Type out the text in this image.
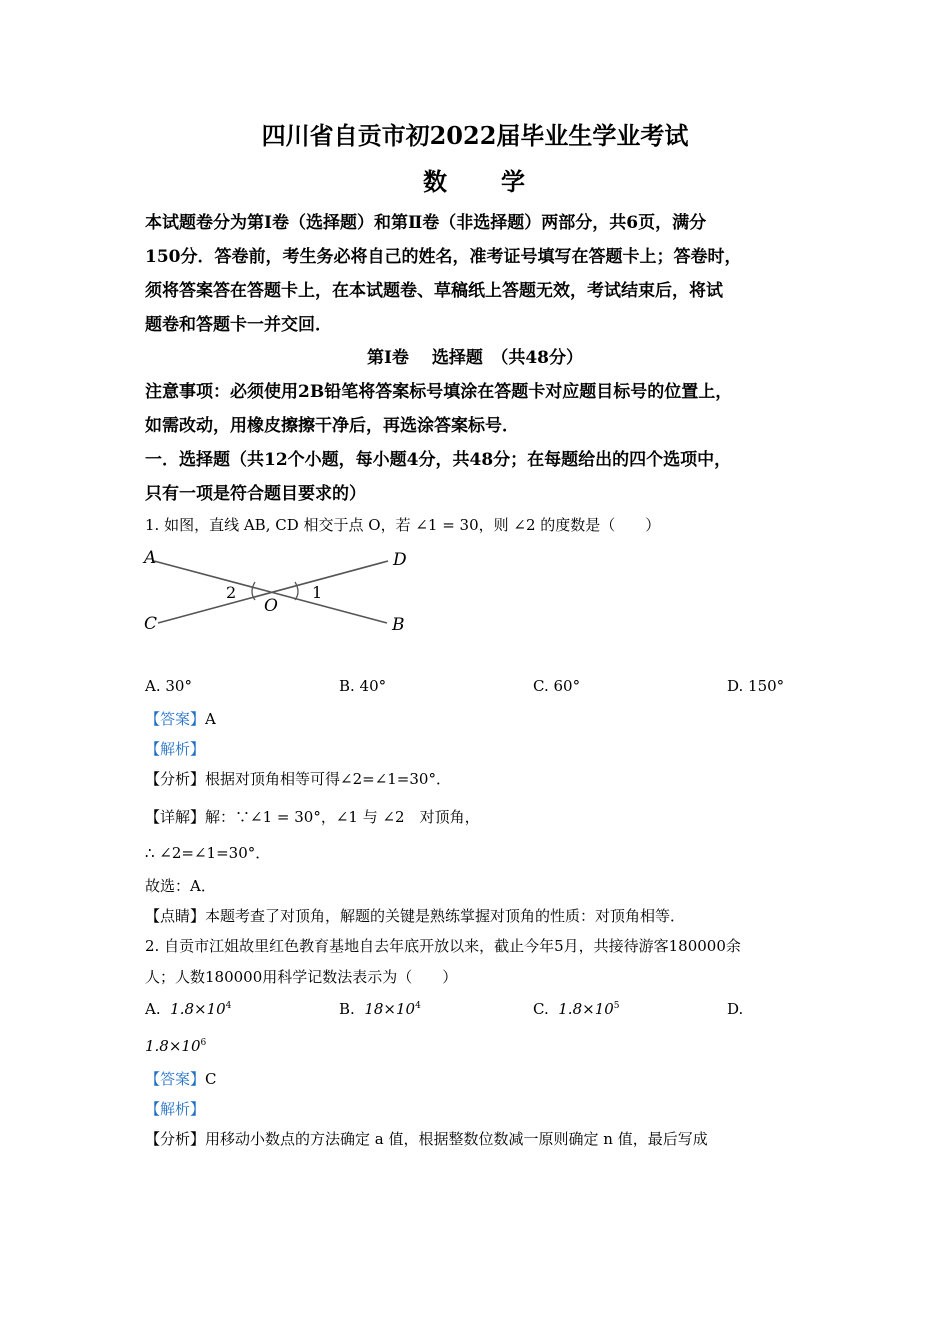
四川省自贡市初2022届毕业生学业考试
数　　学
本试题卷分为第Ⅰ卷（选择题）和第Ⅱ卷（非选择题）两部分，共6页，满分
150分．答卷前，考生务必将自己的姓名，准考证号填写在答题卡上；答卷时，
须将答案答在答题卡上，在本试题卷、草稿纸上答题无效，考试结束后，将试
题卷和答题卡一并交回．
第Ⅰ卷　 选择题　（共48分）
注意事项：必须使用2B铅笔将答案标号填涂在答题卡对应题目标号的位置上，
如需改动，用橡皮擦擦干净后，再选涂答案标号．
一．选择题（共12个小题，每小题4分，共48分；在每题给出的四个选项中，
只有一项是符合题目要求的）
1. 如图，直线 AB, CD 相交于点 O，若 ∠1 = 30，则 ∠2 的度数是（　　）
A	D
C	B
O
2	1
A. 30°	B. 40°	C. 60°	D. 150°
【答案】A
【解析】
【分析】根据对顶角相等可得∠2=∠1=30°．
【详解】解：∵∠1 = 30°，∠1 与 ∠2　对顶角，
∴ ∠2=∠1=30°．
故选：A．
【点睛】本题考查了对顶角，解题的关键是熟练掌握对顶角的性质：对顶角相等．
2. 自贡市江姐故里红色教育基地自去年底开放以来，截止今年5月，共接待游客180000余
人；人数180000用科学记数法表示为（　　）
A. $1.8\times 10^4$	B. $18\times 10^4$	C. $1.8\times 10^5$	D.
$1.8\times 10^6$
【答案】C
【解析】
【分析】用移动小数点的方法确定 a 值，根据整数位数减一原则确定 n 值，最后写成
